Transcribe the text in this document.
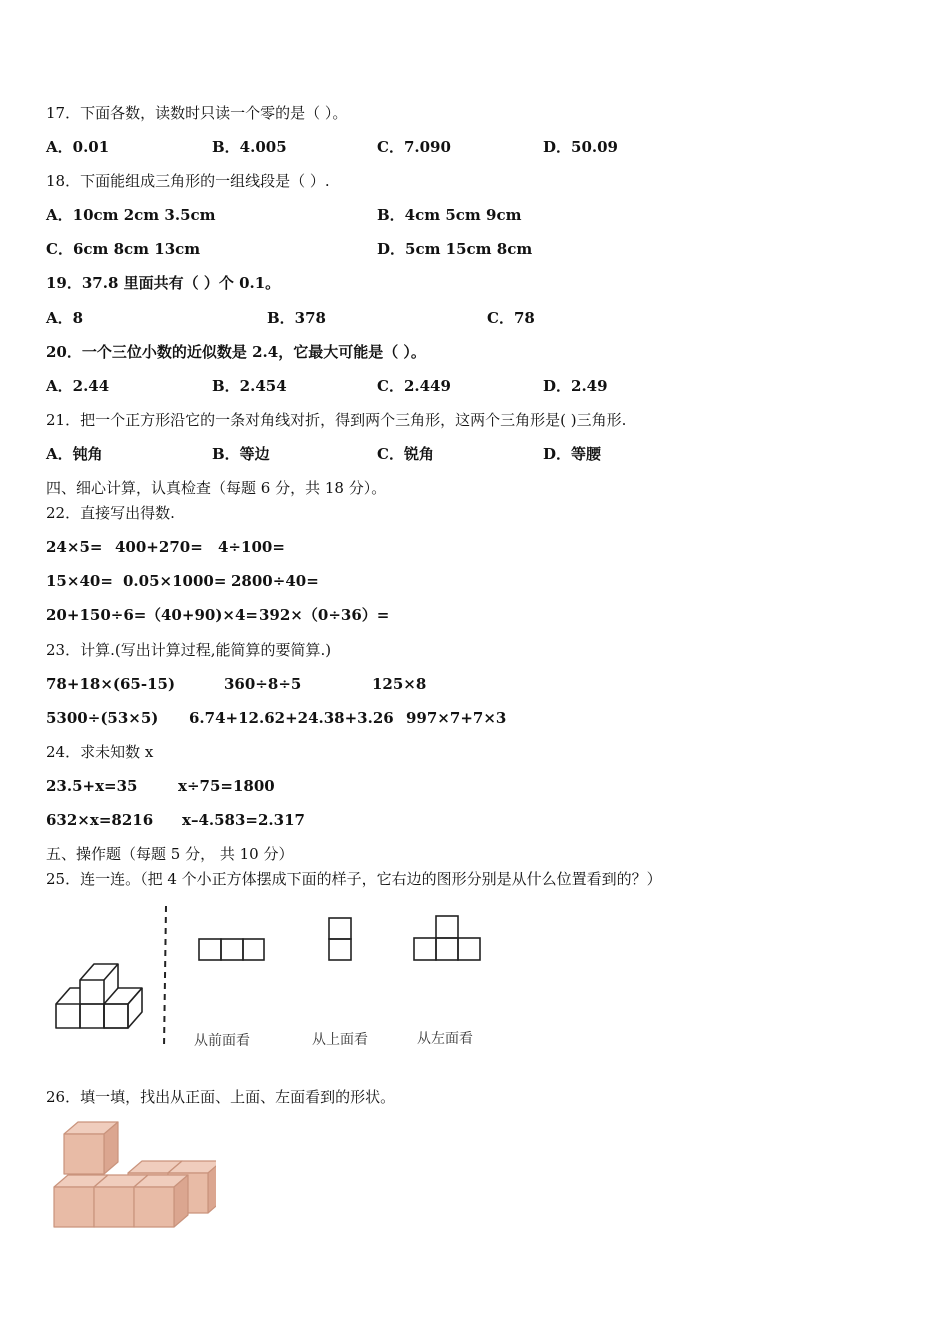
17．下面各数，读数时只读一个零的是（ ）。
A．0.01	B．4.005	C．7.090	D．50.09
18．下面能组成三角形的一组线段是（ ）.
A．10cm 2cm 3.5cm	B．4cm 5cm 9cm
C．6cm 8cm 13cm	D．5cm 15cm 8cm
19．37.8 里面共有（ ）个 0.1。
A．8	B．378	C．78
20．一个三位小数的近似数是 2.4，它最大可能是（ ）。
A．2.44	B．2.454	C．2.449	D．2.49
21．把一个正方形沿它的一条对角线对折，得到两个三角形，这两个三角形是( )三角形.
A．钝角	B．等边	C．锐角	D．等腰
四、细心计算，认真检查（每题 6 分，共 18 分）。
22．直接写出得数.
24×5= 400+270= 4÷100=
15×40= 0.05×1000= 2800÷40=
20+150÷6= （40+90)×4= 392×（0÷36）=
23．计算.(写出计算过程,能简算的要简算.)
78+18×(65-15)	360÷8÷5	125×8
5300÷(53×5) 6.74+12.62+24.38+3.26 997×7+7×3
24．求未知数 x
23.5+x=35	x÷75=1800
632×x=8216 x–4.583=2.317
五、操作题（每题 5 分， 共 10 分）
25．连一连。（把 4 个小正方体摆成下面的样子，它右边的图形分别是从什么位置看到的？）
从前面看	从上面看	从左面看
26．填一填，找出从正面、上面、左面看到的形状。
